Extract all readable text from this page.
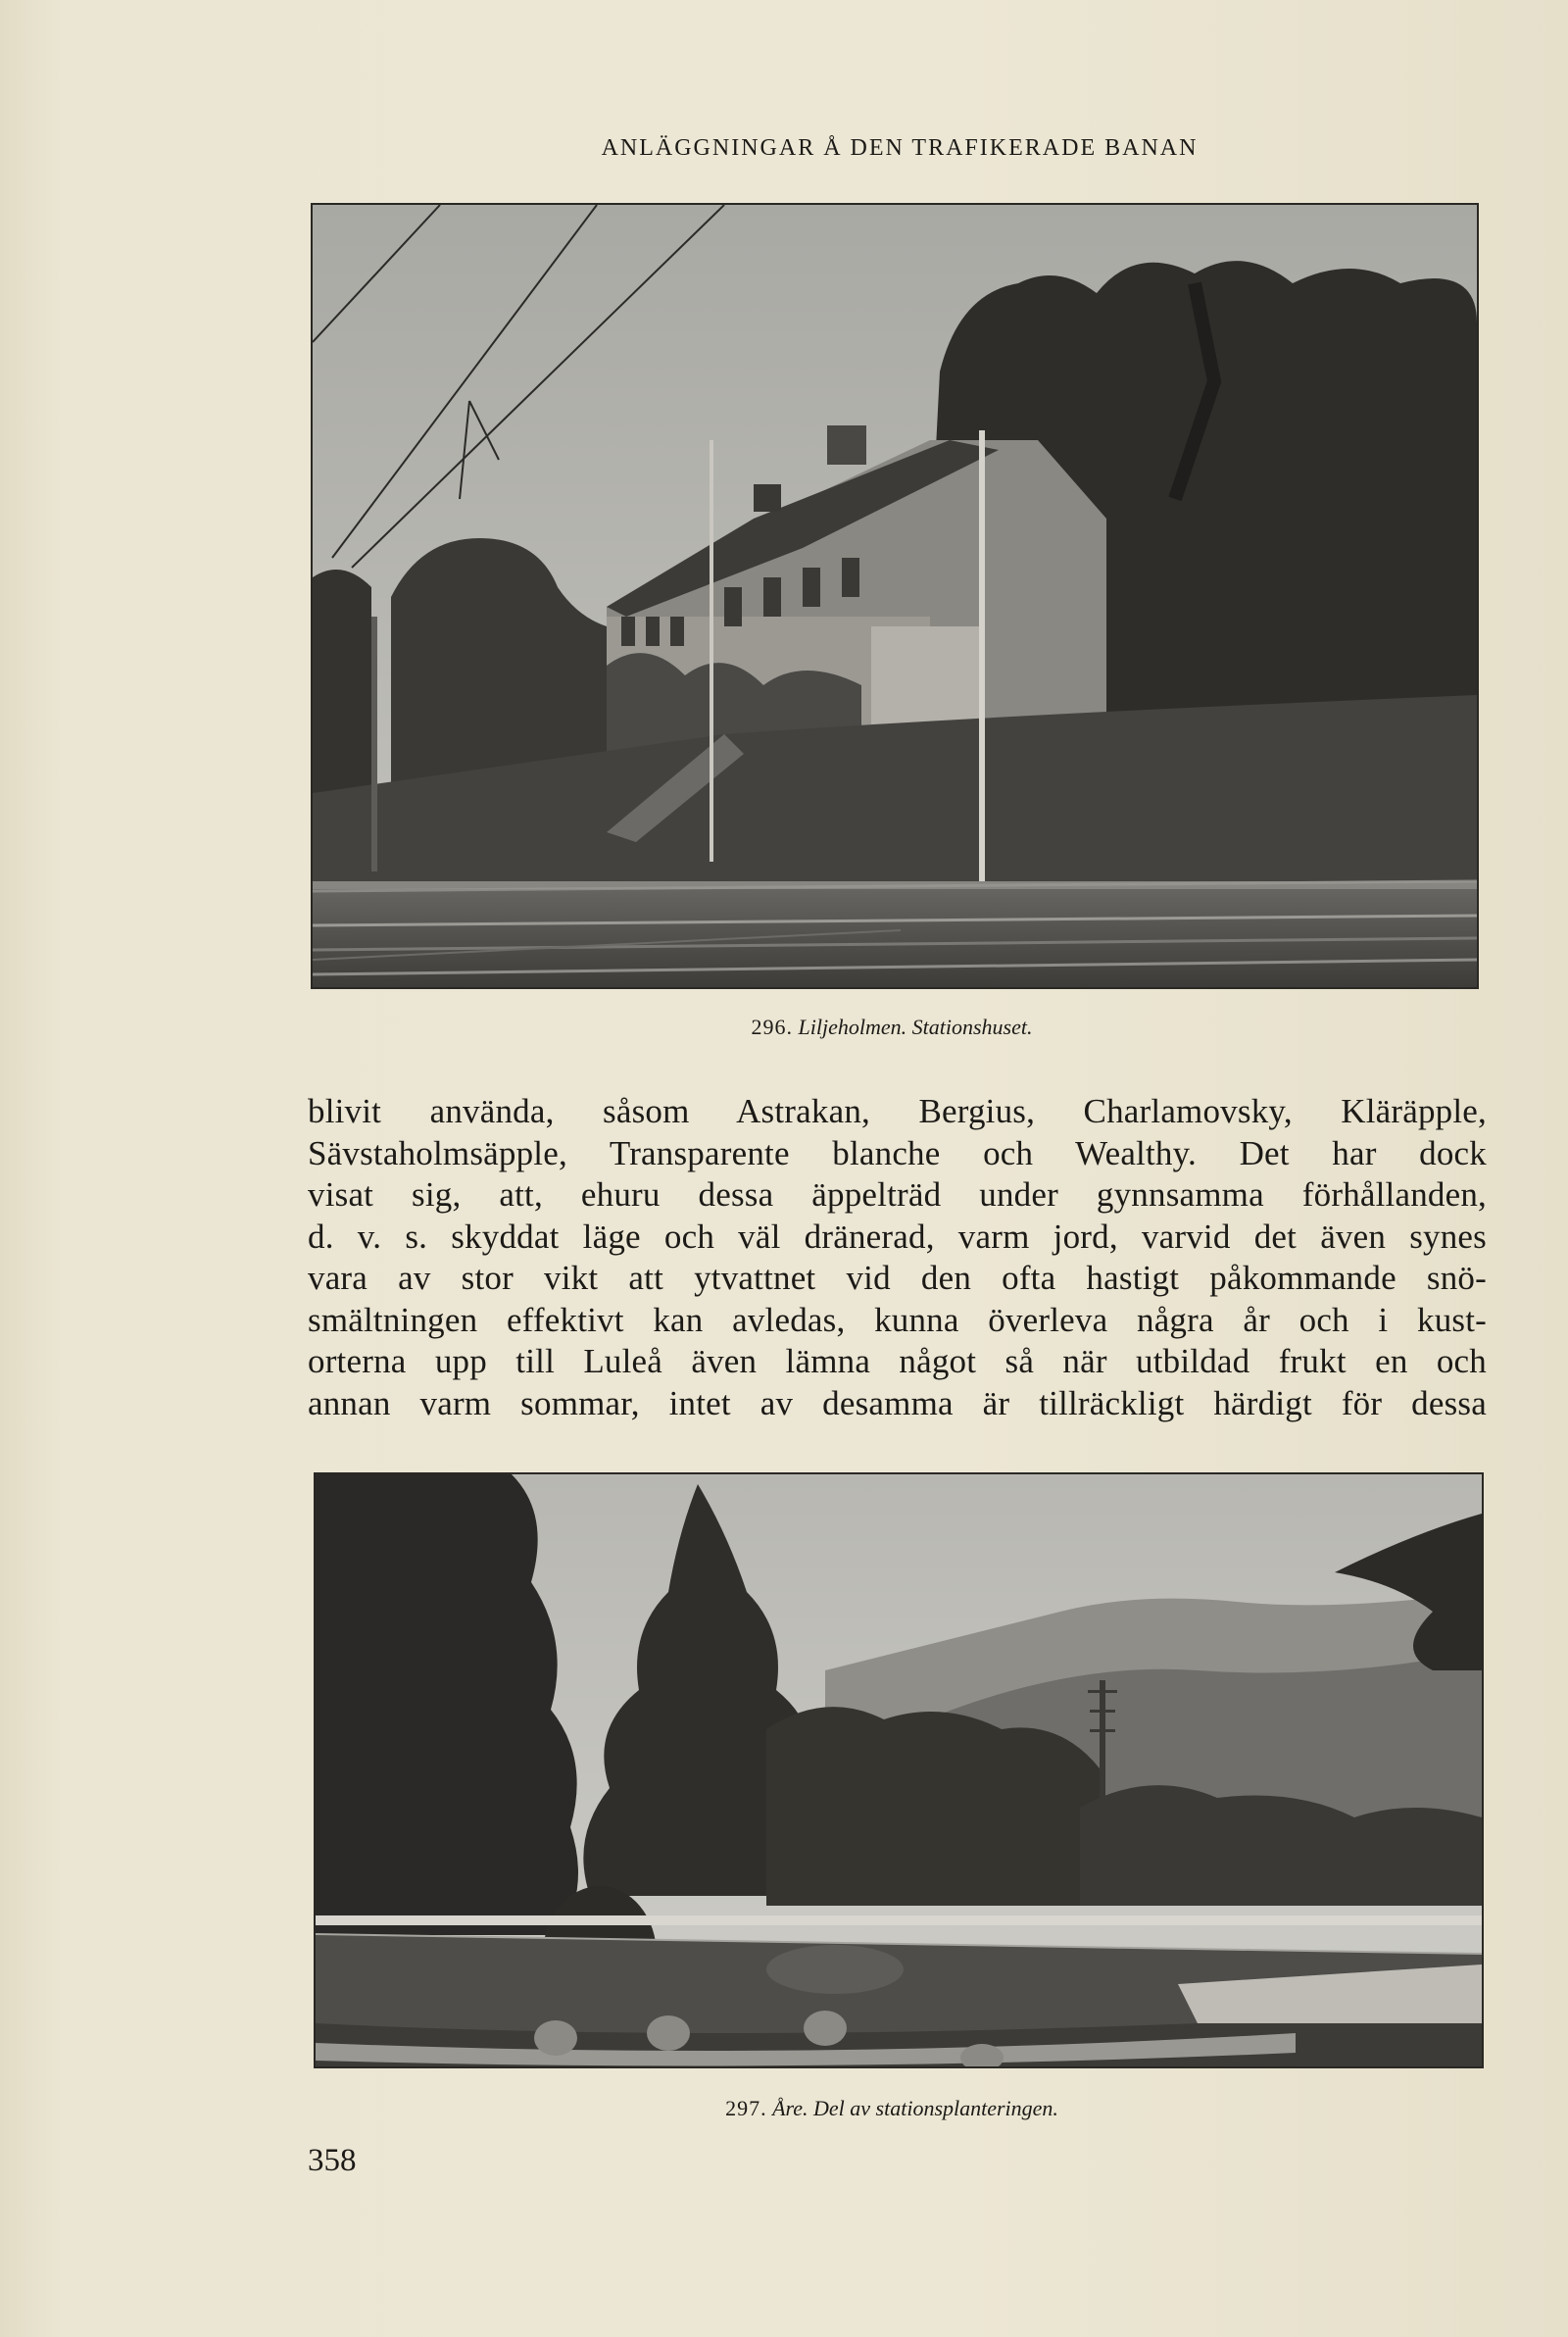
ANLÄGGNINGAR Å DEN TRAFIKERADE BANAN
296. Liljeholmen. Stationshuset.
blivit använda, såsom Astrakan, Bergius, Charlamovsky, Kläräpple,
Sävstaholmsäpple, Transparente blanche och Wealthy. Det har dock
visat sig, att, ehuru dessa äppelträd under gynnsamma förhållanden,
d. v. s. skyddat läge och väl dränerad, varm jord, varvid det även synes
vara av stor vikt att ytvattnet vid den ofta hastigt påkommande snö-
smältningen effektivt kan avledas, kunna överleva några år och i kust-
orterna upp till Luleå även lämna något så när utbildad frukt en och
annan varm sommar, intet av desamma är tillräckligt härdigt för dessa
297. Åre. Del av stationsplanteringen.
358
